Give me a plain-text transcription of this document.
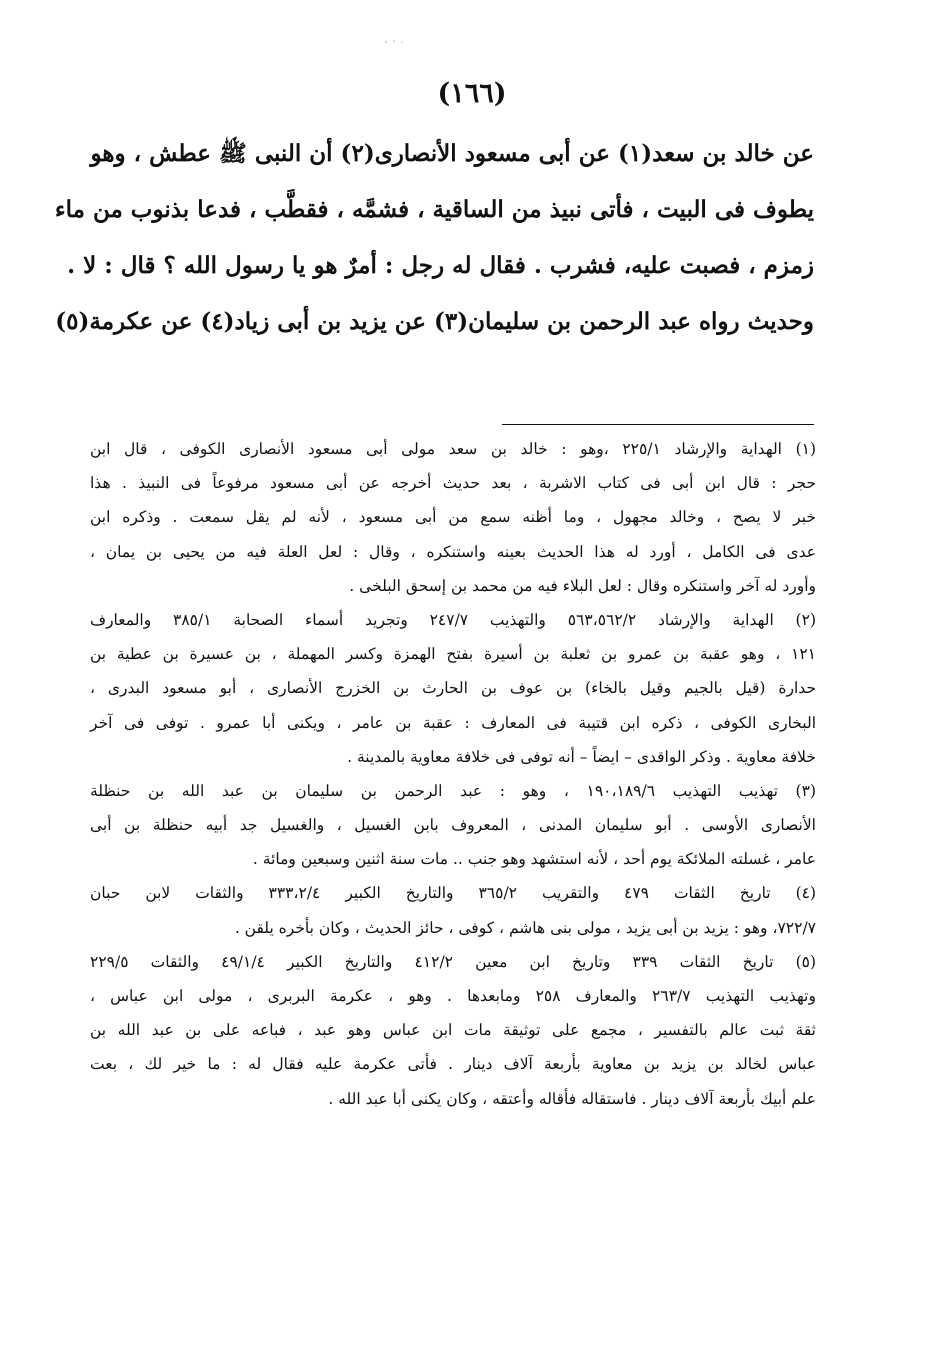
(١٦٦)
عن خالد بن سعد(١) عن أبى مسعود الأنصارى(٢) أن النبى ﷺ عطش ، وهو
يطوف فى البيت ، فأتى نبيذ من الساقية ، فشمَّه ، فقطَّب ، فدعا بذنوب من ماء
زمزم ، فصبت عليه، فشرب . فقال له رجل : أمرٌ هو يا رسول الله ؟ قال : لا .
وحديث رواه عبد الرحمن بن سليمان(٣) عن يزيد بن أبى زياد(٤) عن عكرمة(٥)
(١) الهداية والإرشاد ٢٢٥/١ ،وهو : خالد بن سعد مولى أبى مسعود الأنصارى الكوفى ، قال ابن
حجر : قال ابن أبى فى كتاب الاشربة ، بعد حديث أخرجه عن أبى مسعود مرفوعاً فى النبيذ . هذا
خبر لا يصح ، وخالد مجهول ، وما أظنه سمع من أبى مسعود ، لأنه لم يقل سمعت . وذكره ابن
عدى فى الكامل ، أورد له هذا الحديث بعينه واستنكره ، وقال : لعل العلة فيه من يحيى بن يمان ،
وأورد له آخر واستنكره وقال : لعل البلاء فيه من محمد بن إسحق البلخى .
(٢) الهداية والإرشاد ٥٦٣،٥٦٢/٢ والتهذيب ٢٤٧/٧ وتجريد أسماء الصحابة ٣٨٥/١ والمعارف
١٢١ ، وهو عقبة بن عمرو بن ثعلبة بن أسيرة بفتح الهمزة وكسر المهملة ، بن عسيرة بن عطية بن
حدارة (قيل بالجيم وقيل بالخاء) بن عوف بن الحارث بن الخزرج الأنصارى ، أبو مسعود البدرى ،
البخارى الكوفى ، ذكره ابن قتيبة فى المعارف : عقبة بن عامر ، ويكنى أبا عمرو . توفى فى آخر
خلافة معاوية . وذكر الواقدى – ايضاً – أنه توفى فى خلافة معاوية بالمدينة .
(٣) تهذيب التهذيب ١٩٠،١٨٩/٦ ، وهو : عبد الرحمن بن سليمان بن عبد الله بن حنظلة
الأنصارى الأوسى . أبو سليمان المدنى ، المعروف بابن الغسيل ، والغسيل جد أبيه حنظلة بن أبى
عامر ، غسلته الملائكة يوم أحد ، لأنه استشهد وهو جنب .. مات سنة اثنين وسبعين ومائة .
(٤) تاريخ الثقات ٤٧٩ والتقريب ٣٦٥/٢ والتاريخ الكبير ٣٣٣،٢/٤ والثقات لابن حبان
٧٢٢/٧، وهو : يزيد بن أبى يزيد ، مولى بنى هاشم ، كوفى ، حائز الحديث ، وكان بأخره يلقن .
(٥) تاريخ الثقات ٣٣٩ وتاريخ ابن معين ٤١٢/٢ والتاريخ الكبير ٤٩/١/٤ والثقات ٢٢٩/٥
وتهذيب التهذيب ٢٦٣/٧ والمعارف ٢٥٨ ومابعدها . وهو ، عكرمة البربرى ، مولى ابن عباس ،
ثقة ثبت عالم بالتفسير ، مجمع على توثيقة مات ابن عباس وهو عبد ، فباعه على بن عبد الله بن
عباس لخالد بن يزيد بن معاوية بأربعة آلاف دينار . فأتى عكرمة عليه فقال له : ما خير لك ، بعت
علم أبيك بأربعة آلاف دينار . فاستقاله فأقاله وأعتقه ، وكان يكنى أبا عبد الله .
